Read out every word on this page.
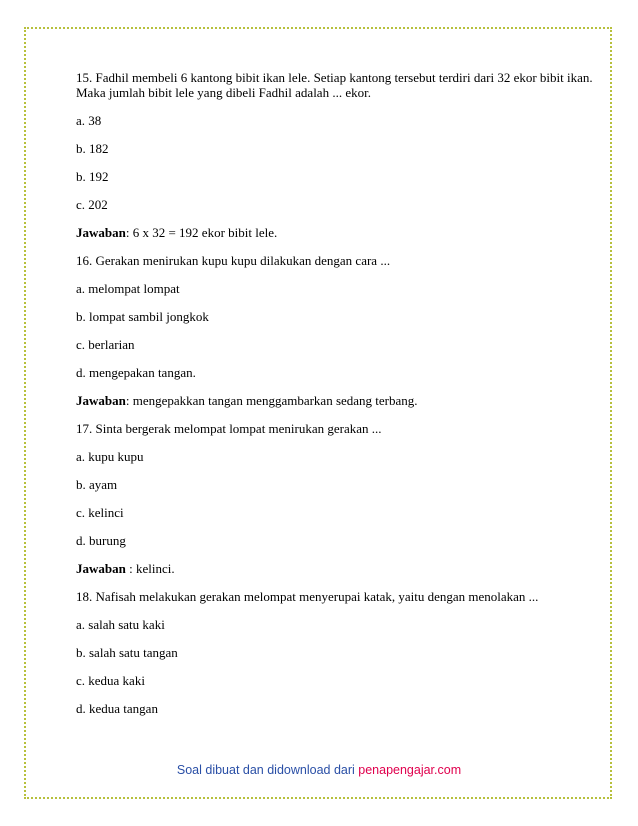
15. Fadhil membeli 6 kantong bibit ikan lele. Setiap kantong tersebut terdiri dari 32 ekor bibit ikan. Maka jumlah bibit lele yang dibeli Fadhil adalah ... ekor.

a. 38

b. 182

b. 192

c. 202

Jawaban: 6 x 32 = 192 ekor bibit lele.

16. Gerakan menirukan kupu kupu dilakukan dengan cara ...

a. melompat lompat

b. lompat sambil jongkok

c. berlarian

d. mengepakan tangan.

Jawaban: mengepakkan tangan menggambarkan sedang terbang.

17. Sinta bergerak melompat lompat menirukan gerakan ...

a. kupu kupu

b. ayam

c. kelinci

d. burung

Jawaban : kelinci.

18. Nafisah melakukan gerakan melompat menyerupai katak, yaitu dengan menolakan ...

a. salah satu kaki

b. salah satu tangan

c. kedua kaki

d. kedua tangan

Soal dibuat dan didownload dari penapengajar.com
